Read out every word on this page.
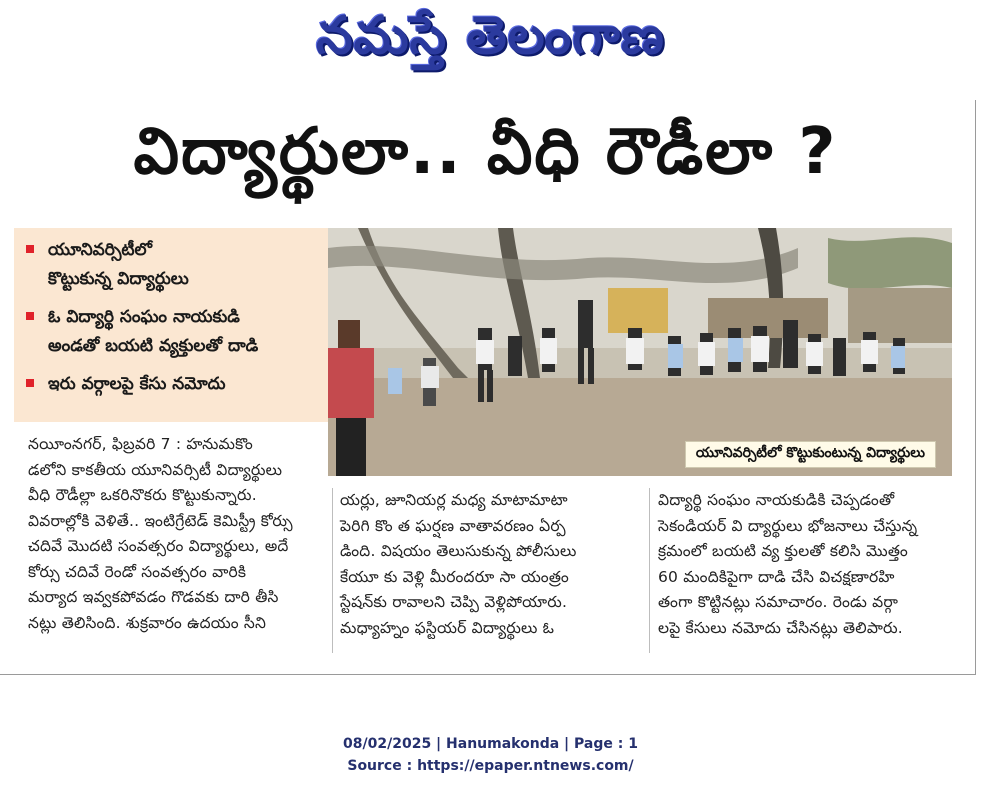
నమస్తే తెలంగాణ
విద్యార్థులా.. వీధి రౌడీలా ?
యూనివర్సిటీలో
కొట్టుకున్న విద్యార్థులు
ఓ విద్యార్థి సంఘం నాయకుడి
అండతో బయటి వ్యక్తులతో దాడి
ఇరు వర్గాలపై కేసు నమోదు
యూనివర్సిటీలో కొట్టుకుంటున్న విద్యార్థులు
నయీంనగర్, ఫిబ్రవరి 7 : హనుమకొం
డలోని కాకతీయ యూనివర్సిటీ విద్యార్థులు
వీధి రౌడీల్లా ఒకరినొకరు కొట్టుకున్నారు.
వివరాల్లోకి వెళితే.. ఇంటిగ్రేటెడ్ కెమిస్ట్రీ కోర్సు
చదివే మొదటి సంవత్సరం విద్యార్థులు, అదే
కోర్సు చదివే రెండో సంవత్సరం వారికి
మర్యాద ఇవ్వకపోవడం గొడవకు దారి తీసి
నట్లు తెలిసింది. శుక్రవారం ఉదయం సీని
యర్లు, జూనియర్ల మధ్య మాటామాటా
పెరిగి కొం త ఘర్షణ వాతావరణం ఏర్ప
డింది. విషయం తెలుసుకున్న పోలీసులు
కేయూ కు వెళ్లి మీరందరూ సా యంత్రం
స్టేషన్‌కు రావాలని చెప్పి వెళ్లిపోయారు.
మధ్యాహ్నం ఫస్టియర్ విద్యార్థులు ఓ
విద్యార్థి సంఘం నాయకుడికి చెప్పడంతో
సెకండియర్ వి ద్యార్థులు భోజనాలు చేస్తున్న
క్రమంలో బయటి వ్య క్తులతో కలిసి మొత్తం
60 మందికిపైగా దాడి చేసి విచక్షణారహి
తంగా కొట్టినట్లు సమాచారం. రెండు వర్గా
లపై కేసులు నమోదు చేసినట్లు తెలిపారు.
08/02/2025 | Hanumakonda | Page : 1
Source : https://epaper.ntnews.com/
